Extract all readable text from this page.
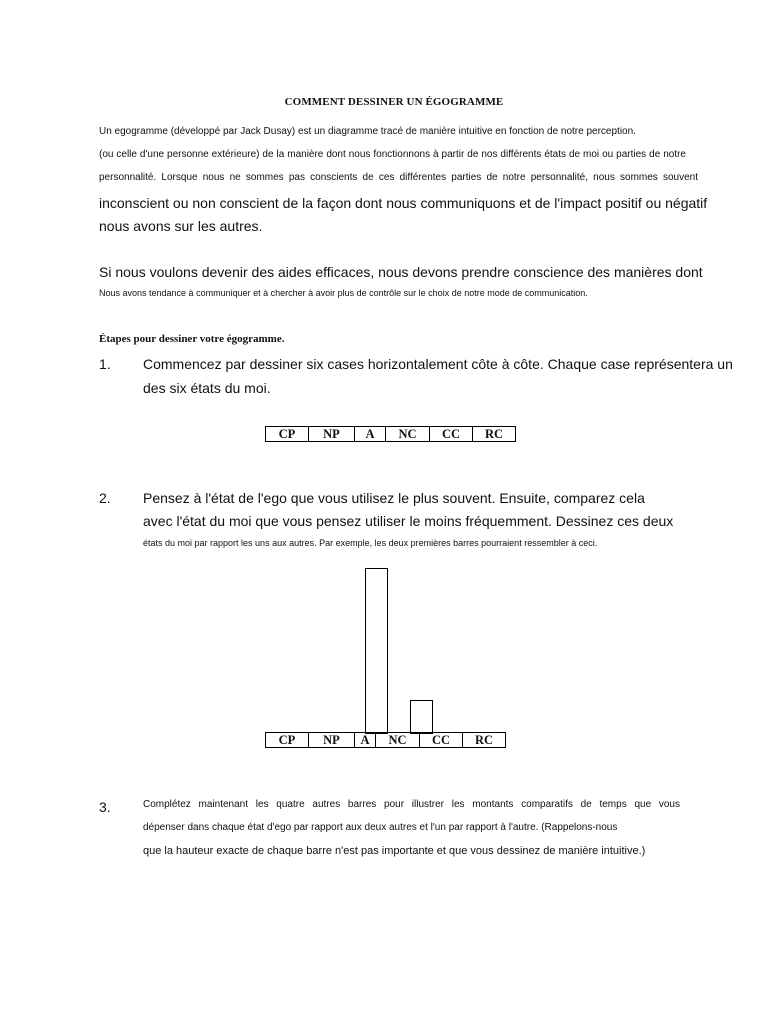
COMMENT DESSINER UN ÉGOGRAMME
Un egogramme (développé par Jack Dusay) est un diagramme tracé de manière intuitive en fonction de notre perception.
(ou celle d'une personne extérieure) de la manière dont nous fonctionnons à partir de nos différents états de moi ou parties de notre
personnalité. Lorsque nous ne sommes pas conscients de ces différentes parties de notre personnalité, nous sommes souvent
inconscient ou non conscient de la façon dont nous communiquons et de l'impact positif ou négatif
nous avons sur les autres.
Si nous voulons devenir des aides efficaces, nous devons prendre conscience des manières dont
Nous avons tendance à communiquer et à chercher à avoir plus de contrôle sur le choix de notre mode de communication.
Étapes pour dessiner votre égogramme.
1. Commencez par dessiner six cases horizontalement côte à côte. Chaque case représentera un
des six états du moi.
CP	NP	A	NC	CC	RC
2. Pensez à l'état de l'ego que vous utilisez le plus souvent. Ensuite, comparez cela
avec l'état du moi que vous pensez utiliser le moins fréquemment. Dessinez ces deux
états du moi par rapport les uns aux autres. Par exemple, les deux premières barres pourraient ressembler à ceci.
CP	NP	A	NC	CC	RC
3.	Complétez maintenant les quatre autres barres pour illustrer les montants comparatifs de temps que vous
dépenser dans chaque état d'ego par rapport aux deux autres et l'un par rapport à l'autre. (Rappelons-nous
que la hauteur exacte de chaque barre n'est pas importante et que vous dessinez de manière intuitive.)
